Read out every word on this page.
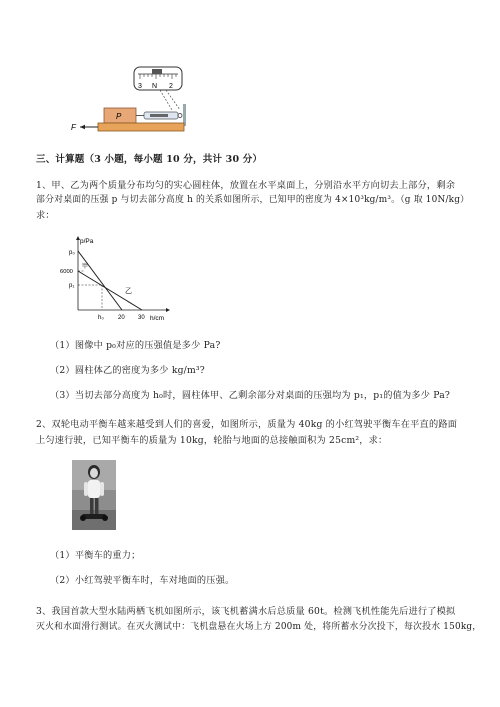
3 N 2
P
F
三、计算题（3 小题，每小题 10 分，共计 30 分）
1、甲、乙为两个质量分布均匀的实心圆柱体，放置在水平桌面上，分别沿水平方向切去上部分，剩余
部分对桌面的压强 p 与切去部分高度 h 的关系如图所示，已知甲的密度为 4×10³kg/m³。（g 取 10N/kg）
求：
p/Pa
h/cm
p₀
6000
p₁
h₀ 20 30
甲
乙
（1）图像中 p₀对应的压强值是多少 Pa?
（2）圆柱体乙的密度为多少 kg/m³?
（3）当切去部分高度为 h₀时，圆柱体甲、乙剩余部分对桌面的压强均为 p₁，p₁的值为多少 Pa?
2、双轮电动平衡车越来越受到人们的喜爱，如图所示，质量为 40kg 的小红驾驶平衡车在平直的路面
上匀速行驶，已知平衡车的质量为 10kg，轮胎与地面的总接触面积为 25cm²，求：
（1）平衡车的重力；
（2）小红驾驶平衡车时，车对地面的压强。
3、我国首款大型水陆两栖飞机如图所示，该飞机蓄满水后总质量 60t。检测飞机性能先后进行了模拟
灭火和水面滑行测试。在灭火测试中：飞机盘悬在火场上方 200m 处，将所蓄水分次投下，每次投水 150kg，
